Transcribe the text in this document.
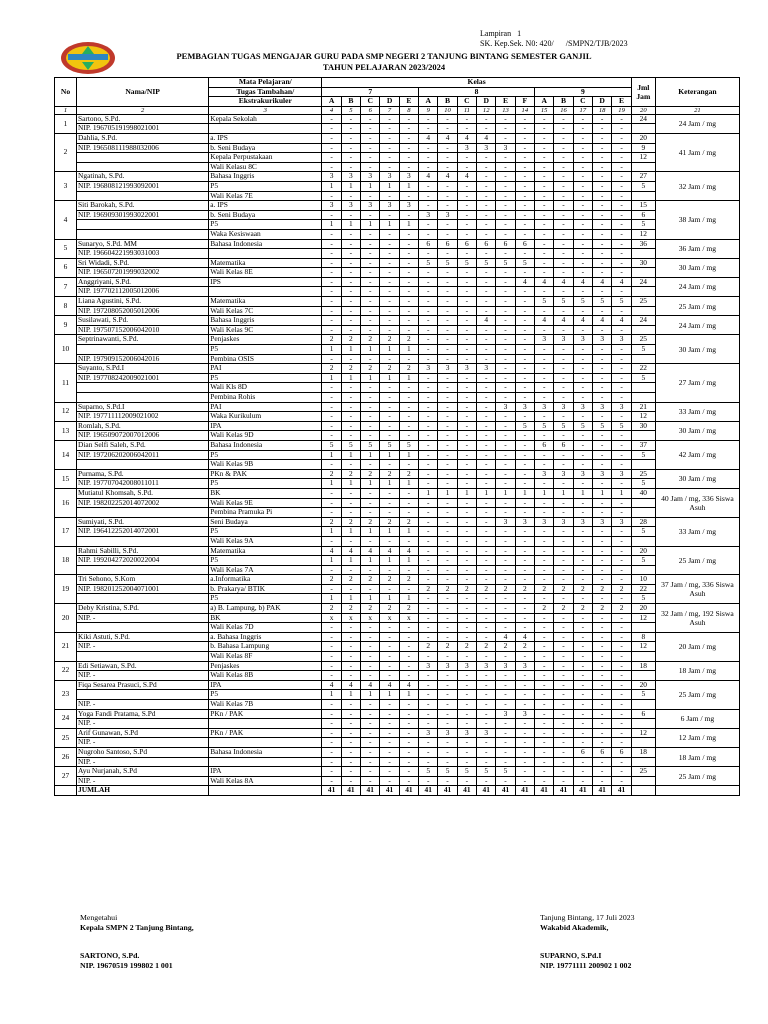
Lampiran   1
SK. Kep.Sek. N0: 420/      /SMPN2/TJB/2023
PEMBAGIAN TUGAS MENGAJAR GURU PADA SMP NEGERI 2 TANJUNG BINTANG SEMESTER GANJIL
TAHUN PELAJARAN 2023/2024
No	Nama/NIP	Mata Pelajaran/	Kelas																Jml Jam	Keterangan
		Tugas Tambahan/	7					8						9						
		Ekstrakurikuler	A	B	C	D	E	A	B	C	D	E	F	A	B	C	D	E		
1	2	3	4	5	6	7	8	9	10	11	12	13	14	15	16	17	18	19	20	21
1	Sartono, S.Pd.	Kepala Sekolah	-	-	-	-	-	-	-	-	-	-	-	-	-	-	-	-	24	24 Jam / mg
	NIP. 196705191998021001		-	-	-	-	-	-	-	-	-	-	-	-	-	-	-	-		
2	Dahlia, S.Pd.	a. IPS	-	-	-	-	-	4	4	4	4	-	-	-	-	-	-	-	20	41 Jam / mg
	NIP. 196508111988032006	b. Seni Budaya	-	-	-	-	-	-	-	3	3	3	-	-	-	-	-	-	9	
		Kepala Perpustakaan	-	-	-	-	-	-	-	-	-	-	-	-	-	-	-	-	12	
		Wali Kelasu 8C	-	-	-	-	-	-	-	-	-	-	-	-	-	-	-	-		
3	Ngatinah, S.Pd.	Bahasa Inggris	3	3	3	3	3	4	4	4	-	-	-	-	-	-	-	-	27	32 Jam / mg
	NIP. 196808121993092001	P5	1	1	1	1	1	-	-	-	-	-	-	-	-	-	-	-	5	
		Wali Kelas 7E	-	-	-	-	-	-	-	-	-	-	-	-	-	-	-	-		
4	Siti Barokah, S.Pd.	a. IPS	3	3	3	3	3	-	-	-	-	-	-	-	-	-	-	-	15	38 Jam / mg
	NIP. 196909301993022001	b. Seni Budaya	-	-	-	-	-	3	3	-	-	-	-	-	-	-	-	-	6	
		P5	1	1	1	1	1	-	-	-	-	-	-	-	-	-	-	-	5	
		Waka Kesiswaan	-	-	-	-	-	-	-	-	-	-	-	-	-	-	-	-	12	
5	Sunaryo, S.Pd. MM	Bahasa Indonesia	-	-	-	-	-	6	6	6	6	6	6	-	-	-	-	-	36	36 Jam / mg
	NIP. 196604221993031003		-	-	-	-	-	-	-	-	-	-	-	-	-	-	-	-		
6	Sri Widadi, S.Pd.	Matematika	-	-	-	-	-	5	5	5	5	5	5	-	-	-	-	-	30	30 Jam / mg
	NIP. 196507201999032002	Wali Kelas 8E	-	-	-	-	-	-	-	-	-	-	-	-	-	-	-	-		
7	Anggriyani, S.Pd.	IPS	-	-	-	-	-	-	-	-	-	-	4	4	4	4	4	4	24	24 Jam / mg
	NIP. 197702112005012006		-	-	-	-	-	-	-	-	-	-	-	-	-	-	-	-		
8	Liana Agustini, S.Pd.	Matematika	-	-	-	-	-	-	-	-	-	-	-	5	5	5	5	5	25	25 Jam / mg
	NIP. 197208052005012006	Wali Kelas 7C	-	-	-	-	-	-	-	-	-	-	-	-	-	-	-	-		
9	Susilawati, S.Pd.	Bahasa Inggris	-	-	-	-	-	-	-	-	4	-	-	4	4	4	4	4	24	24 Jam / mg
	NIP. 197507152006042010	Wali Kelas 9C	-	-	-	-	-	-	-	-	-	-	-	-	-	-	-	-		
10	Septrinawanti, S.Pd.	Penjaskes	2	2	2	2	2	-	-	-	-	-	-	3	3	3	3	3	25	30 Jam / mg
		P5	1	1	1	1	1	-	-	-	-	-	-	-	-	-	-	-	5	
	NIP. 197909152006042016	Pembina OSIS	-	-	-	-	-	-	-	-	-	-	-	-	-	-	-	-		
11	Suyanto, S.Pd.I	PAI	2	2	2	2	2	3	3	3	3	-	-	-	-	-	-	-	22	27 Jam / mg
	NIP. 197708242009021001	P5	1	1	1	1	1	-	-	-	-	-	-	-	-	-	-	-	5	
		Wali Kls 8D	-	-	-	-	-	-	-	-	-	-	-	-	-	-	-	-		
		Pembina Rohis	-	-	-	-	-	-	-	-	-	-	-	-	-	-	-	-		
12	Suparno, S.Pd.I	PAI	-	-	-	-	-	-	-	-	-	3	3	3	3	3	3	3	21	33 Jam / mg
	NIP. 197711112009021002	Waka Kurikulum	-	-	-	-	-	-	-	-	-	-	-	-	-	-	-	-	12	
13	Romlah, S.Pd.	IPA	-	-	-	-	-	-	-	-	-	-	5	5	5	5	5	5	30	30 Jam / mg
	NIP. 196509072007012006	Wali Kelas 9D	-	-	-	-	-	-	-	-	-	-	-	-	-	-	-	-		
14	Dian Selfi Saleh, S.Pd.	Bahasa Indonesia	5	5	5	5	5	-	-	-	-	-	-	6	6	-	-	-	37	42 Jam / mg
	NIP. 197206202006042011	P5	1	1	1	1	1	-	-	-	-	-	-	-	-	-	-	-	5	
		Wali Kelas 9B	-	-	-	-	-	-	-	-	-	-	-	-	-	-	-	-		
15	Purnama, S.Pd.	PKn & PAK	2	2	2	2	2	-	-	-	-	-	-	3	3	3	3	3	25	30 Jam / mg
	NIP. 197707042008011011	P5	1	1	1	1	1	-	-	-	-	-	-	-	-	-	-	-	5	
16	Mutiatul Khomsah, S.Pd.	BK	-	-	-	-	-	1	1	1	1	1	1	1	1	1	1	1	40	40 Jam / mg, 336 Siswa Asuh
	NIP. 198202252014072002	Wali Kelas 9E	-	-	-	-	-	-	-	-	-	-	-	-	-	-	-	-		
		Pembina Pramuka Pi	-	-	-	-	-	-	-	-	-	-	-	-	-	-	-	-		
17	Sumiyati, S.Pd.	Seni Budaya	2	2	2	2	2	-	-	-	-	3	3	3	3	3	3	3	28	33 Jam / mg
	NIP. 196412252014072001	P5	1	1	1	1	1	-	-	-	-	-	-	-	-	-	-	-	5	
		Wali Kelas 9A	-	-	-	-	-	-	-	-	-	-	-	-	-	-	-	-		
18	Rahmi Sabilli, S.Pd.	Matematika	4	4	4	4	4	-	-	-	-	-	-	-	-	-	-	-	20	25 Jam / mg
	NIP. 199204272020022004	P5	1	1	1	1	1	-	-	-	-	-	-	-	-	-	-	-	5	
		Wali Kelas 7A	-	-	-	-	-	-	-	-	-	-	-	-	-	-	-	-		
19	Tri Sehono, S.Kom	a.Informatika	2	2	2	2	2	-	-	-	-	-	-	-	-	-	-	-	10	37 Jam / mg, 336 Siswa Asuh
	NIP. 198201252004071001	b. Prakarya/ BTIK	-	-	-	-	-	2	2	2	2	2	2	2	2	2	2	2	22	
		P5	1	1	1	1	1	-	-	-	-	-	-	-	-	-	-	-	5	
20	Deby Kristina, S.Pd.	a) B. Lampung, b) PAK	2	2	2	2	2	-	-	-	-	-	-	2	2	2	2	2	20	32 Jam / mg, 192 Siswa Asuh
	NIP. -	BK	x	x	x	x	x	-	-	-	-	-	-	-	-	-	-	-	12	
		Wali Kelas 7D	-	-	-	-	-	-	-	-	-	-	-	-	-	-	-	-		
21	Kiki Astuti, S.Pd.	a. Bahasa Inggris	-	-	-	-	-	-	-	-	-	4	4	-	-	-	-	-	8	20 Jam / mg
	NIP. -	b. Bahasa Lampung	-	-	-	-	-	2	2	2	2	2	2	-	-	-	-	-	12	
		Wali Kelas 8F	-	-	-	-	-	-	-	-	-	-	-	-	-	-	-	-		
22	Edi Setiawan, S.Pd.	Penjaskes	-	-	-	-	-	3	3	3	3	3	3	-	-	-	-	-	18	18 Jam / mg
	NIP. -	Wali Kelas 8B	-	-	-	-	-	-	-	-	-	-	-	-	-	-	-	-		
23	Fiqa Sesarea Prasuci, S.Pd	IPA	4	4	4	4	4	-	-	-	-	-	-	-	-	-	-	-	20	25 Jam / mg
		P5	1	1	1	1	1	-	-	-	-	-	-	-	-	-	-	-	5	
	NIP. -	Wali Kelas 7B	-	-	-	-	-	-	-	-	-	-	-	-	-	-	-	-		
24	Yoga Fandi Pratama, S.Pd	PKn / PAK	-	-	-	-	-	-	-	-	-	3	3	-	-	-	-	-	6	6 Jam / mg
	NIP. -		-	-	-	-	-	-	-	-	-	-	-	-	-	-	-	-		
25	Arif Gunawan, S.Pd	PKn / PAK	-	-	-	-	-	3	3	3	3	-	-	-	-	-	-	-	12	12 Jam / mg
	NIP. -		-	-	-	-	-	-	-	-	-	-	-	-	-	-	-	-		
26	Nugroho Santoso, S.Pd	Bahasa Indonesia	-	-	-	-	-	-	-	-	-	-	-	-	-	6	6	6	18	18 Jam / mg
	NIP. -		-	-	-	-	-	-	-	-	-	-	-	-	-	-	-	-		
27	Ayu Nurjanah, S.Pd	IPA	-	-	-	-	-	5	5	5	5	5	-	-	-	-	-	-	25	25 Jam / mg
	NIP. -	Wali Kelas 8A	-	-	-	-	-	-	-	-	-	-	-	-	-	-	-	-		
	JUMLAH		41	41	41	41	41	41	41	41	41	41	41	41	41	41	41	41		
Mengetahui
Kepala SMPN 2 Tanjung Bintang,
SARTONO, S.Pd.
NIP. 19670519 199802 1 001
Tanjung Bintang, 17 Juli 2023
Wakabid Akademik,
SUPARNO, S.Pd.I
NIP. 19771111 200902 1 002
